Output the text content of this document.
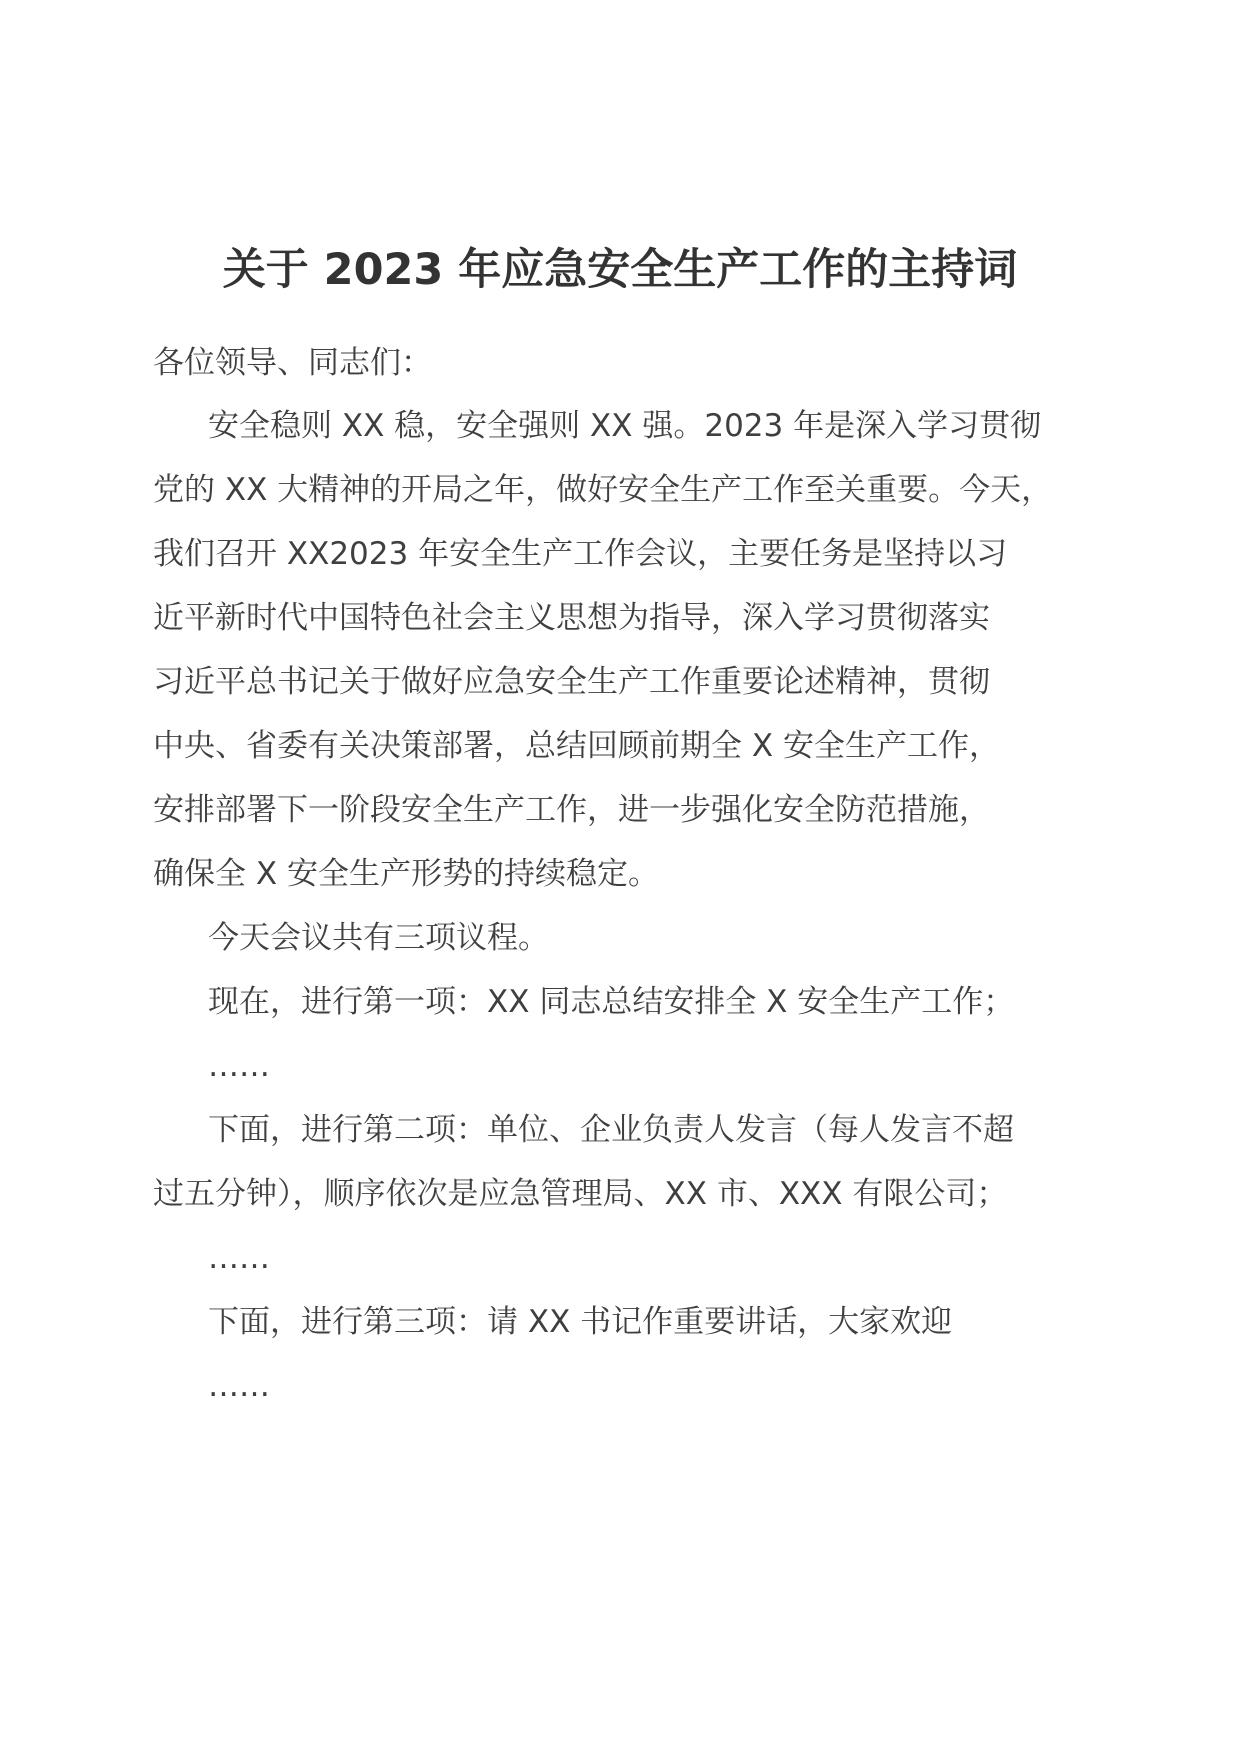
关于 2023 年应急安全生产工作的主持词
各位领导、同志们：
安全稳则 XX 稳，安全强则 XX 强。2023 年是深入学习贯彻
党的 XX 大精神的开局之年，做好安全生产工作至关重要。今天，
我们召开 XX2023 年安全生产工作会议，主要任务是坚持以习
近平新时代中国特色社会主义思想为指导，深入学习贯彻落实
习近平总书记关于做好应急安全生产工作重要论述精神，贯彻
中央、省委有关决策部署，总结回顾前期全 X 安全生产工作，
安排部署下一阶段安全生产工作，进一步强化安全防范措施，
确保全 X 安全生产形势的持续稳定。
今天会议共有三项议程。
现在，进行第一项：XX 同志总结安排全 X 安全生产工作；
……
下面，进行第二项：单位、企业负责人发言（每人发言不超
过五分钟），顺序依次是应急管理局、XX 市、XXX 有限公司；
……
下面，进行第三项：请 XX 书记作重要讲话，大家欢迎
……
